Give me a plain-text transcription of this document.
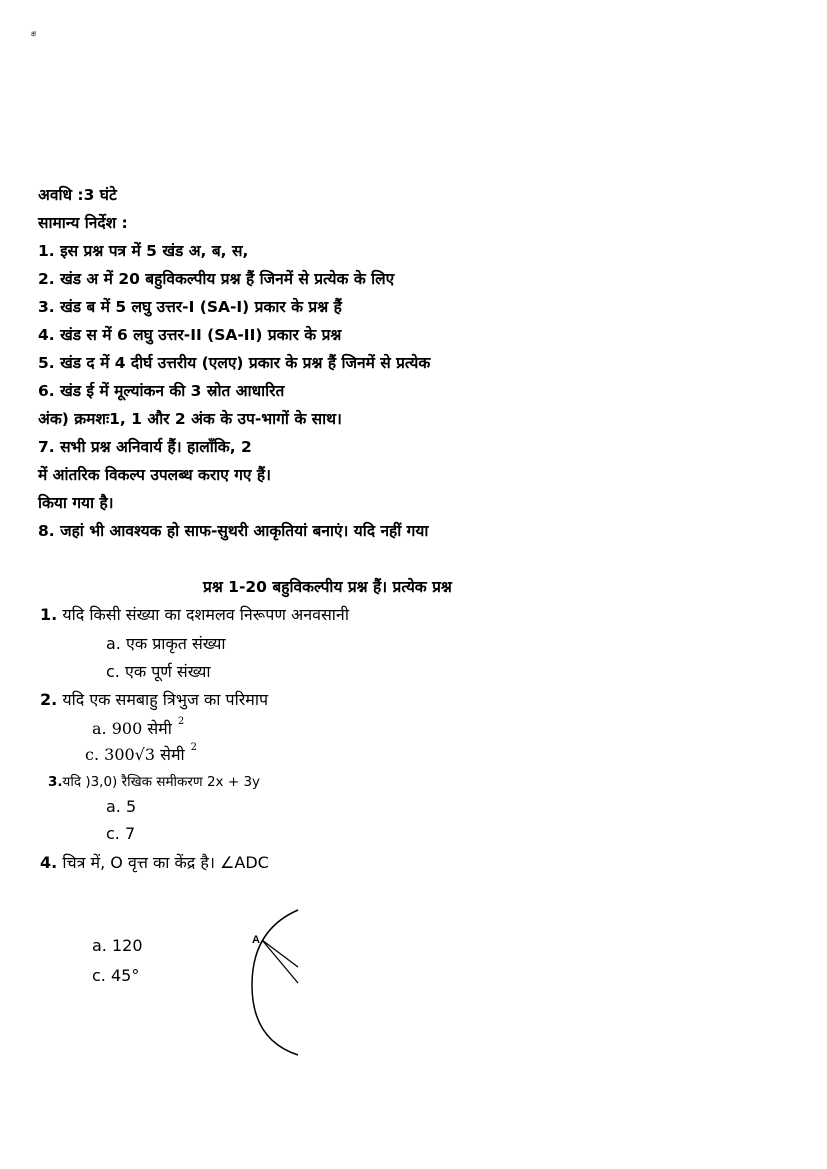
क्ष
अवधि :3 घंटे
सामान्य निर्देश :
1. इस प्रश्न पत्र में 5 खंड अ, ब, स,
2. खंड अ में 20 बहुविकल्पीय प्रश्न हैं जिनमें से प्रत्येक के लिए
3. खंड ब में 5 लघु उत्तर-I (SA-I) प्रकार के प्रश्न हैं
4. खंड स में 6 लघु उत्तर-II (SA-II) प्रकार के प्रश्न
5. खंड द में 4 दीर्घ उत्तरीय (एलए) प्रकार के प्रश्न हैं जिनमें से प्रत्येक
6. खंड ई में मूल्यांकन की 3 स्रोत आधारित
अंक) क्रमशः1, 1 और 2 अंक के उप-भागों के साथ।
7. सभी प्रश्न अनिवार्य हैं। हालाँकि, 2
में आंतरिक विकल्प उपलब्ध कराए गए हैं।
किया गया है।
8. जहां भी आवश्यक हो साफ-सुथरी आकृतियां बनाएं। यदि नहीं गया
प्रश्न 1-20 बहुविकल्पीय प्रश्न हैं। प्रत्येक प्रश्न
1. यदि किसी संख्या का दशमलव निरूपण अनवसानी
a. एक प्राकृत संख्या
c. एक पूर्ण संख्या
2. यदि एक समबाहु त्रिभुज का परिमाप
a. 900 सेमी $^2$
c. 300√3 सेमी $^2$
3.यदि )3,0) रैखिक समीकरण 2x + 3y
a. 5
c. 7
4. चित्र में, O वृत्त का केंद्र है। ∠ADC
a. 120
c. 45°
A
